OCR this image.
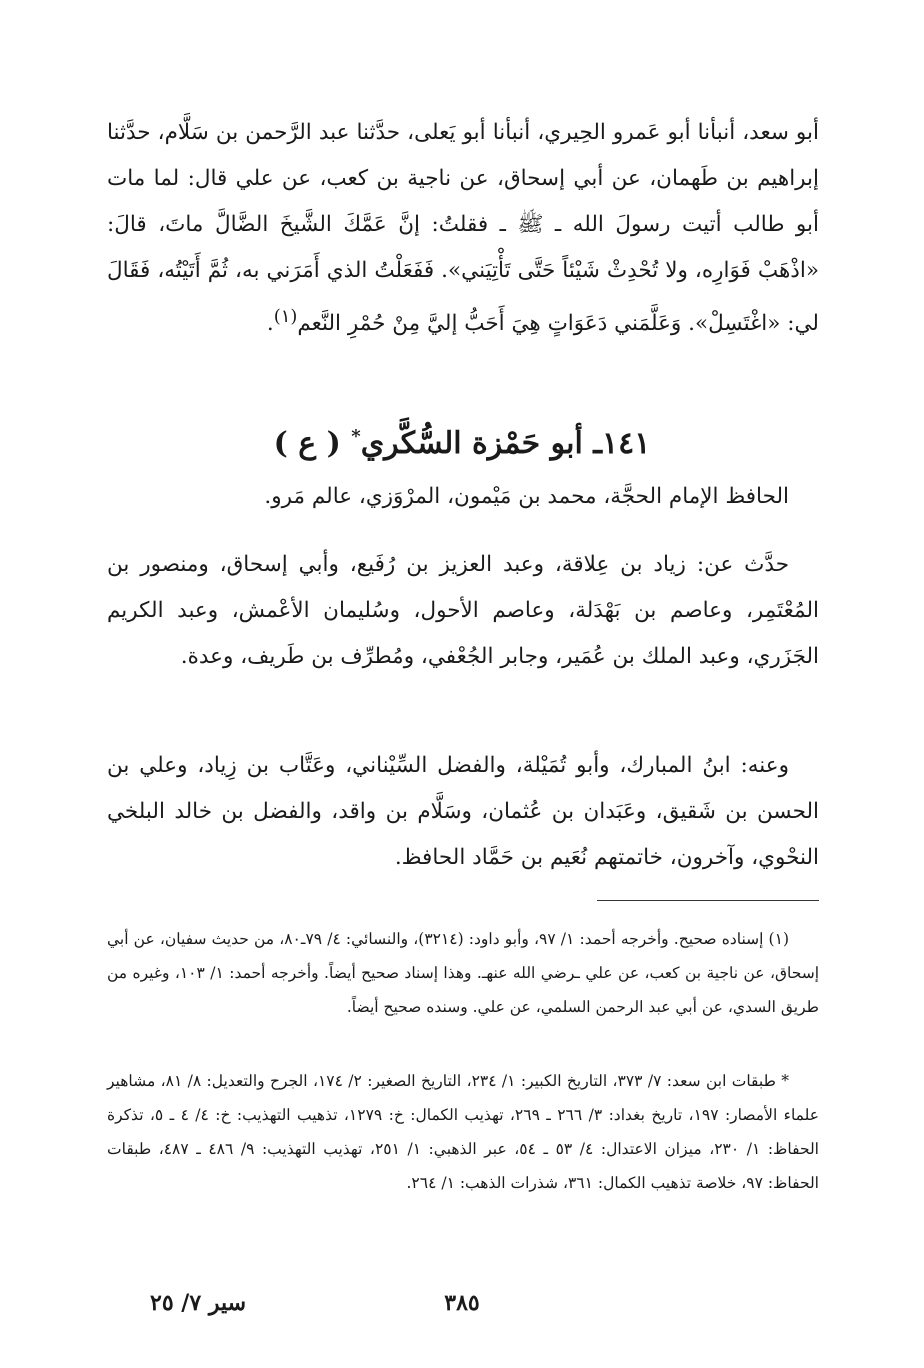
أبو سعد، أنبأنا أبو عَمرو الحِيري، أنبأنا أبو يَعلى، حدَّثنا عبد الرَّحمن بن سَلَّام، حدَّثنا إبراهيم بن طَهمان، عن أبي إسحاق، عن ناجية بن كعب، عن علي قال: لما مات أبو طالب أتيت رسولَ الله ـ ﷺ ـ فقلتُ: إنَّ عَمَّكَ الشَّيخَ الضَّالَّ ماتَ، قالَ: «اذْهَبْ فَوَارِه، ولا تُحْدِثْ شَيْئاً حَتَّى تَأْتِيَني». فَفَعَلْتُ الذي أَمَرَني به، ثُمَّ أَتَيْتُه، فَقَالَ لي: «اغْتَسِلْ». وَعَلَّمَني دَعَوَاتٍ هِيَ أَحَبُّ إليَّ مِنْ حُمْرِ النَّعم$^{(١)}$.

١٤١ـ أبو حَمْزة السُّكَّري* ( ع )

الحافظ الإمام الحجَّة، محمد بن مَيْمون، المرْوَزي، عالم مَرو.

حدَّث عن: زياد بن عِلاقة، وعبد العزيز بن رُفَيع، وأبي إسحاق، ومنصور بن المُعْتَمِر، وعاصم بن بَهْدَلة، وعاصم الأحول، وسُليمان الأعْمش، وعبد الكريم الجَزَري، وعبد الملك بن عُمَير، وجابر الجُعْفي، ومُطرِّف بن طَريف، وعدة.

وعنه: ابنُ المبارك، وأبو تُمَيْلة، والفضل السِّيْناني، وعَتَّاب بن زِياد، وعلي بن الحسن بن شَقيق، وعَبَدان بن عُثمان، وسَلَّام بن واقد، والفضل بن خالد البلخي النحْوي، وآخرون، خاتمتهم نُعَيم بن حَمَّاد الحافظ.

(١) إسناده صحيح. وأخرجه أحمد: ١/ ٩٧، وأبو داود: (٣٢١٤)، والنسائي: ٤/ ٧٩ـ٨٠، من حديث سفيان، عن أبي إسحاق، عن ناجية بن كعب، عن علي ـرضي الله عنهـ. وهذا إسناد صحيح أيضاً. وأخرجه أحمد: ١/ ١٠٣، وغيره من طريق السدي، عن أبي عبد الرحمن السلمي، عن علي. وسنده صحيح أيضاً.

* طبقات ابن سعد: ٧/ ٣٧٣، التاريخ الكبير: ١/ ٢٣٤، التاريخ الصغير: ٢/ ١٧٤، الجرح والتعديل: ٨/ ٨١، مشاهير علماء الأمصار: ١٩٧، تاريخ بغداد: ٣/ ٢٦٦ ـ ٢٦٩، تهذيب الكمال: خ: ١٢٧٩، تذهيب التهذيب: خ: ٤/ ٤ ـ ٥، تذكرة الحفاظ: ١/ ٢٣٠، ميزان الاعتدال: ٤/ ٥٣ ـ ٥٤، عبر الذهبي: ١/ ٢٥١، تهذيب التهذيب: ٩/ ٤٨٦ ـ ٤٨٧، طبقات الحفاظ: ٩٧، خلاصة تذهيب الكمال: ٣٦١، شذرات الذهب: ١/ ٢٦٤.

٣٨٥
سير ٧/ ٢٥
